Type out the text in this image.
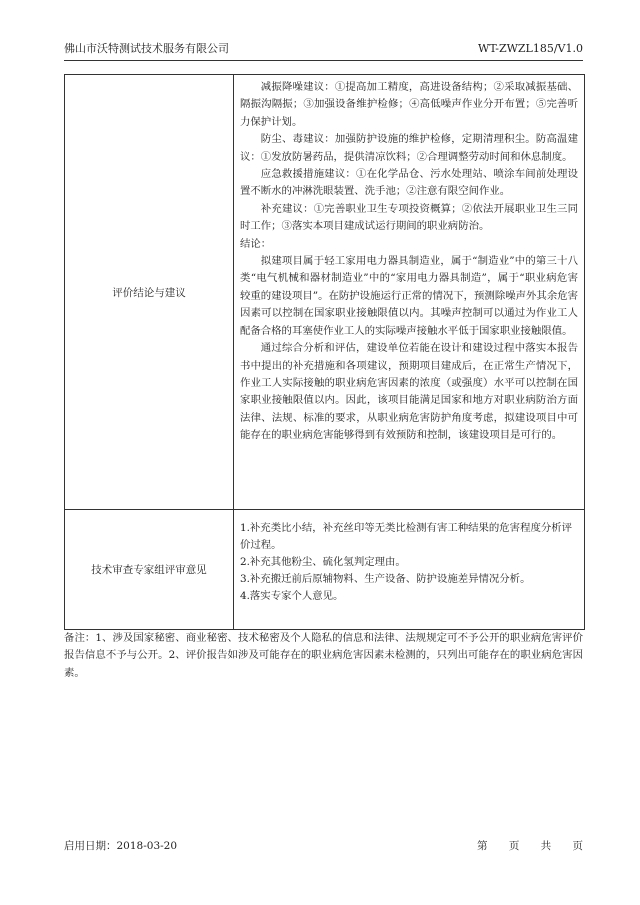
佛山市沃特测试技术服务有限公司	WT-ZWZL185/V1.0
评价结论与建议

减振降噪建议：①提高加工精度，高进设备结构；②采取减振基础、隔振沟隔振；③加强设备维护检修；④高低噪声作业分开布置；⑤完善听力保护计划。

防尘、毒建议：加强防护设施的维护检修，定期清理积尘。防高温建议：①发放防暑药品，提供清凉饮料；②合理调整劳动时间和休息制度。

应急救援措施建议：①在化学品仓、污水处理站、喷涂车间前处理设置不断水的冲淋洗眼装置、洗手池；②注意有限空间作业。

补充建议：①完善职业卫生专项投资概算；②依法开展职业卫生三同时工作；③落实本项目建成试运行期间的职业病防治。

结论：

拟建项目属于轻工家用电力器具制造业，属于“制造业”中的第三十八类“电气机械和器材制造业”中的“家用电力器具制造”，属于“职业病危害较重的建设项目”。在防护设施运行正常的情况下，预测除噪声外其余危害因素可以控制在国家职业接触限值以内。其噪声控制可以通过为作业工人配备合格的耳塞使作业工人的实际噪声接触水平低于国家职业接触限值。

通过综合分析和评估，建设单位若能在设计和建设过程中落实本报告书中提出的补充措施和各项建议，预期项目建成后，在正常生产情况下，作业工人实际接触的职业病危害因素的浓度（或强度）水平可以控制在国家职业接触限值以内。因此，该项目能满足国家和地方对职业病防治方面法律、法规、标准的要求，从职业病危害防护角度考虑，拟建设项目中可能存在的职业病危害能够得到有效预防和控制，该建设项目是可行的。

技术审查专家组评审意见
1.补充类比小结，补充丝印等无类比检测有害工种结果的危害程度分析评价过程。
2.补充其他粉尘、硫化氢判定理由。
3.补充搬迁前后原辅物料、生产设备、防护设施差异情况分析。
4.落实专家个人意见。
备注：1、涉及国家秘密、商业秘密、技术秘密及个人隐私的信息和法律、法规规定可不予公开的职业病危害评价报告信息不予与公开。2、评价报告如涉及可能存在的职业病危害因素未检测的，只列出可能存在的职业病危害因素。
启用日期：2018-03-20	第 页 共 页
